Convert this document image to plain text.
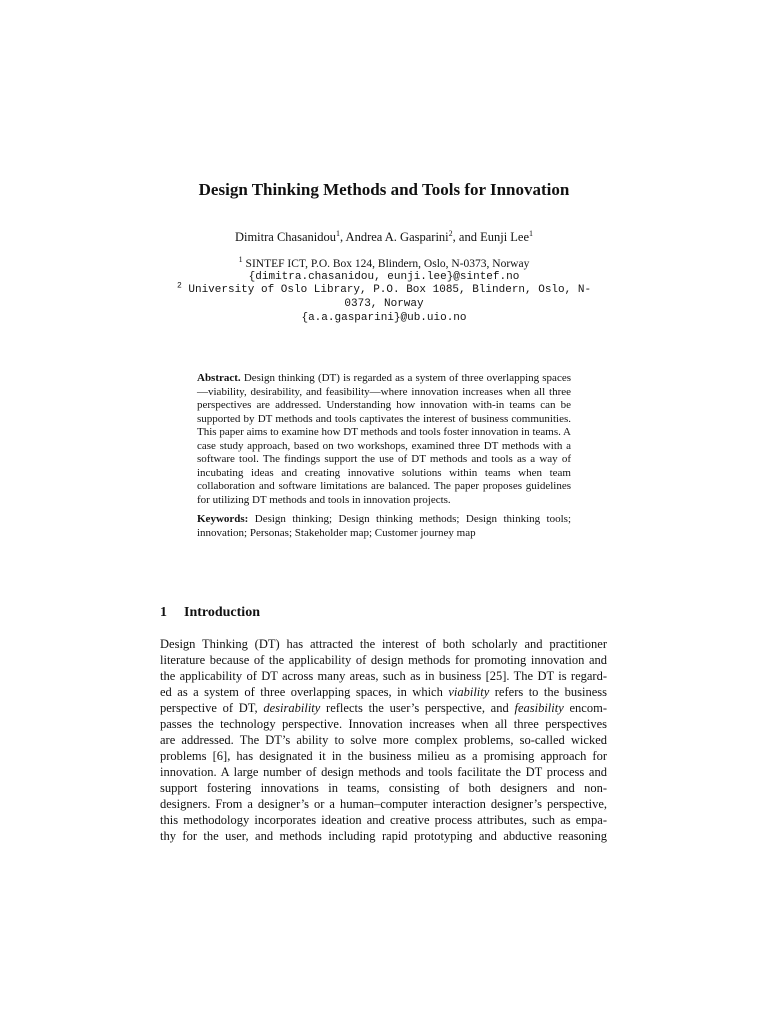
Design Thinking Methods and Tools for Innovation
Dimitra Chasanidou$^1$, Andrea A. Gasparini$^2$, and Eunji Lee$^1$
$^1$ SINTEF ICT, P.O. Box 124, Blindern, Oslo, N-0373, Norway
{dimitra.chasanidou, eunji.lee}@sintef.no
$^2$ University of Oslo Library, P.O. Box 1085, Blindern, Oslo, N-
0373, Norway
{a.a.gasparini}@ub.uio.no

Abstract. Design thinking (DT) is regarded as a system of three overlapping spaces—viability, desirability, and feasibility—where innovation increases when all three perspectives are addressed. Understanding how innovation with-in teams can be supported by DT methods and tools captivates the interest of business communities. This paper aims to examine how DT methods and tools foster innovation in teams. A case study approach, based on two workshops, examined three DT methods with a software tool. The findings support the use of DT methods and tools as a way of incubating ideas and creating innovative solutions within teams when team collaboration and software limitations are balanced. The paper proposes guidelines for utilizing DT methods and tools in innovation projects.

Keywords: Design thinking; Design thinking methods; Design thinking tools; innovation; Personas; Stakeholder map; Customer journey map

1 Introduction
Design Thinking (DT) has attracted the interest of both scholarly and practitioner
literature because of the applicability of design methods for promoting innovation and
the applicability of DT across many areas, such as in business [25]. The DT is regard-
ed as a system of three overlapping spaces, in which viability refers to the business
perspective of DT, desirability reflects the user’s perspective, and feasibility encom-
passes the technology perspective. Innovation increases when all three perspectives
are addressed. The DT’s ability to solve more complex problems, so-called wicked
problems [6], has designated it in the business milieu as a promising approach for
innovation. A large number of design methods and tools facilitate the DT process and
support fostering innovations in teams, consisting of both designers and non-
designers. From a designer’s or a human–computer interaction designer’s perspective,
this methodology incorporates ideation and creative process attributes, such as empa-
thy for the user, and methods including rapid prototyping and abductive reasoning
